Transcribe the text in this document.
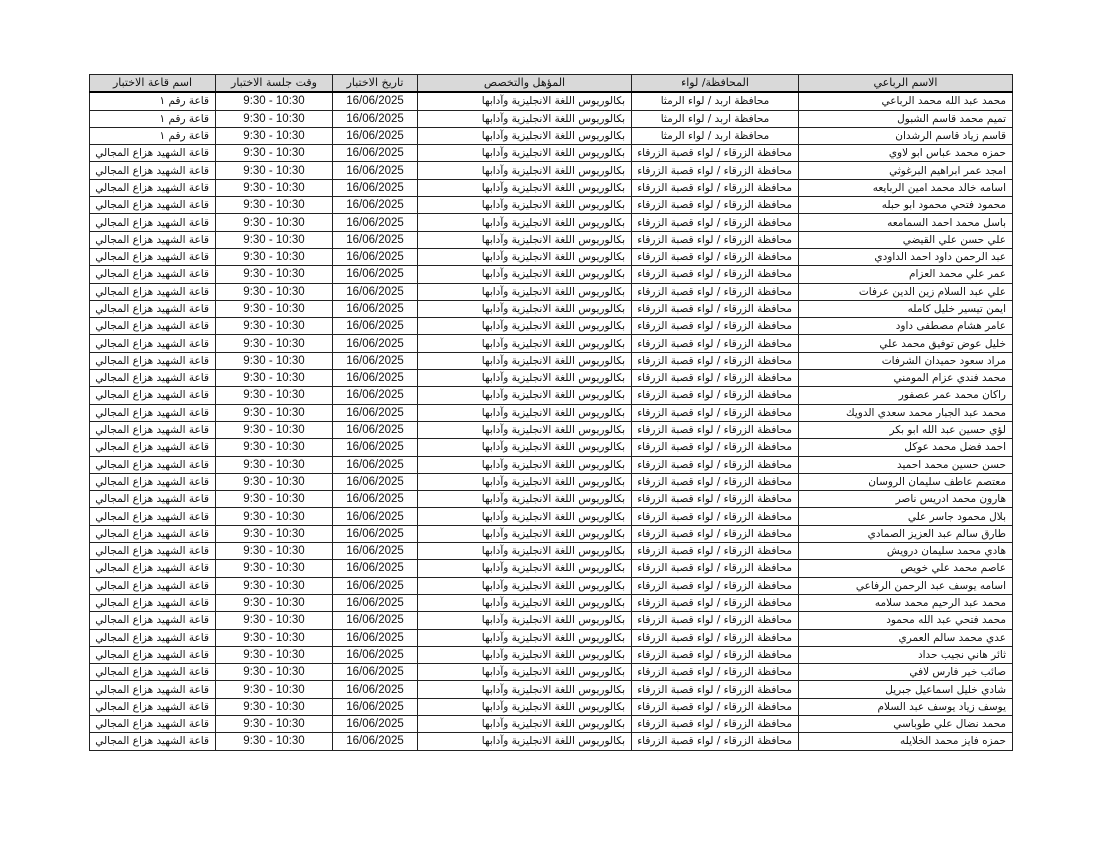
الاسم الرباعي	المحافظة/ لواء	المؤهل والتخصص	تاريخ الاختبار	وقت جلسة الاختبار	اسم قاعة الاختبار
محمد عبد الله محمد الرباعي	محافظة اربد / لواء الرمثا	بكالوريوس اللغة الانجليزية وآدابها	16/06/2025	9:30 - 10:30	قاعة رقم ١
تميم محمد قاسم الشبول	محافظة اربد / لواء الرمثا	بكالوريوس اللغة الانجليزية وآدابها	16/06/2025	9:30 - 10:30	قاعة رقم ١
قاسم زياد قاسم الرشدان	محافظة اربد / لواء الرمثا	بكالوريوس اللغة الانجليزية وآدابها	16/06/2025	9:30 - 10:30	قاعة رقم ١
حمزه محمد عباس ابو لاوي	محافظة الزرقاء / لواء قصبة الزرقاء	بكالوريوس اللغة الانجليزية وآدابها	16/06/2025	9:30 - 10:30	قاعة الشهيد هزاع المجالي
امجد عمر ابراهيم البرغوثي	محافظة الزرقاء / لواء قصبة الزرقاء	بكالوريوس اللغة الانجليزية وآدابها	16/06/2025	9:30 - 10:30	قاعة الشهيد هزاع المجالي
اسامه خالد محمد امين الربايعه	محافظة الزرقاء / لواء قصبة الزرقاء	بكالوريوس اللغة الانجليزية وآدابها	16/06/2025	9:30 - 10:30	قاعة الشهيد هزاع المجالي
محمود فتحي محمود ابو حبله	محافظة الزرقاء / لواء قصبة الزرقاء	بكالوريوس اللغة الانجليزية وآدابها	16/06/2025	9:30 - 10:30	قاعة الشهيد هزاع المجالي
باسل محمد احمد السمامعه	محافظة الزرقاء / لواء قصبة الزرقاء	بكالوريوس اللغة الانجليزية وآدابها	16/06/2025	9:30 - 10:30	قاعة الشهيد هزاع المجالي
علي حسن علي القيضي	محافظة الزرقاء / لواء قصبة الزرقاء	بكالوريوس اللغة الانجليزية وآدابها	16/06/2025	9:30 - 10:30	قاعة الشهيد هزاع المجالي
عبد الرحمن داود احمد الداودي	محافظة الزرقاء / لواء قصبة الزرقاء	بكالوريوس اللغة الانجليزية وآدابها	16/06/2025	9:30 - 10:30	قاعة الشهيد هزاع المجالي
عمر علي محمد العزام	محافظة الزرقاء / لواء قصبة الزرقاء	بكالوريوس اللغة الانجليزية وآدابها	16/06/2025	9:30 - 10:30	قاعة الشهيد هزاع المجالي
علي عبد السلام زين الدين عرفات	محافظة الزرقاء / لواء قصبة الزرقاء	بكالوريوس اللغة الانجليزية وآدابها	16/06/2025	9:30 - 10:30	قاعة الشهيد هزاع المجالي
ايمن تيسير خليل كامله	محافظة الزرقاء / لواء قصبة الزرقاء	بكالوريوس اللغة الانجليزية وآدابها	16/06/2025	9:30 - 10:30	قاعة الشهيد هزاع المجالي
عامر هشام مصطفى داود	محافظة الزرقاء / لواء قصبة الزرقاء	بكالوريوس اللغة الانجليزية وآدابها	16/06/2025	9:30 - 10:30	قاعة الشهيد هزاع المجالي
خليل عوض توفيق محمد علي	محافظة الزرقاء / لواء قصبة الزرقاء	بكالوريوس اللغة الانجليزية وآدابها	16/06/2025	9:30 - 10:30	قاعة الشهيد هزاع المجالي
مراد سعود حميدان الشرفات	محافظة الزرقاء / لواء قصبة الزرقاء	بكالوريوس اللغة الانجليزية وآدابها	16/06/2025	9:30 - 10:30	قاعة الشهيد هزاع المجالي
محمد فندي عزام المومني	محافظة الزرقاء / لواء قصبة الزرقاء	بكالوريوس اللغة الانجليزية وآدابها	16/06/2025	9:30 - 10:30	قاعة الشهيد هزاع المجالي
راكان محمد عمر عصفور	محافظة الزرقاء / لواء قصبة الزرقاء	بكالوريوس اللغة الانجليزية وآدابها	16/06/2025	9:30 - 10:30	قاعة الشهيد هزاع المجالي
محمد عبد الجبار محمد سعدي الدويك	محافظة الزرقاء / لواء قصبة الزرقاء	بكالوريوس اللغة الانجليزية وآدابها	16/06/2025	9:30 - 10:30	قاعة الشهيد هزاع المجالي
لؤي حسين عبد الله ابو بكر	محافظة الزرقاء / لواء قصبة الزرقاء	بكالوريوس اللغة الانجليزية وآدابها	16/06/2025	9:30 - 10:30	قاعة الشهيد هزاع المجالي
احمد فضل محمد عوكل	محافظة الزرقاء / لواء قصبة الزرقاء	بكالوريوس اللغة الانجليزية وآدابها	16/06/2025	9:30 - 10:30	قاعة الشهيد هزاع المجالي
حسن حسين محمد احميد	محافظة الزرقاء / لواء قصبة الزرقاء	بكالوريوس اللغة الانجليزية وآدابها	16/06/2025	9:30 - 10:30	قاعة الشهيد هزاع المجالي
معتصم عاطف سليمان الروسان	محافظة الزرقاء / لواء قصبة الزرقاء	بكالوريوس اللغة الانجليزية وآدابها	16/06/2025	9:30 - 10:30	قاعة الشهيد هزاع المجالي
هارون محمد ادريس ناصر	محافظة الزرقاء / لواء قصبة الزرقاء	بكالوريوس اللغة الانجليزية وآدابها	16/06/2025	9:30 - 10:30	قاعة الشهيد هزاع المجالي
بلال محمود جاسر علي	محافظة الزرقاء / لواء قصبة الزرقاء	بكالوريوس اللغة الانجليزية وآدابها	16/06/2025	9:30 - 10:30	قاعة الشهيد هزاع المجالي
طارق سالم عبد العزيز الصمادي	محافظة الزرقاء / لواء قصبة الزرقاء	بكالوريوس اللغة الانجليزية وآدابها	16/06/2025	9:30 - 10:30	قاعة الشهيد هزاع المجالي
هادي محمد سليمان درويش	محافظة الزرقاء / لواء قصبة الزرقاء	بكالوريوس اللغة الانجليزية وآدابها	16/06/2025	9:30 - 10:30	قاعة الشهيد هزاع المجالي
عاصم محمد علي خويص	محافظة الزرقاء / لواء قصبة الزرقاء	بكالوريوس اللغة الانجليزية وآدابها	16/06/2025	9:30 - 10:30	قاعة الشهيد هزاع المجالي
اسامه يوسف عبد الرحمن الرفاعي	محافظة الزرقاء / لواء قصبة الزرقاء	بكالوريوس اللغة الانجليزية وآدابها	16/06/2025	9:30 - 10:30	قاعة الشهيد هزاع المجالي
محمد عبد الرحيم محمد سلامه	محافظة الزرقاء / لواء قصبة الزرقاء	بكالوريوس اللغة الانجليزية وآدابها	16/06/2025	9:30 - 10:30	قاعة الشهيد هزاع المجالي
محمد فتحي عبد الله محمود	محافظة الزرقاء / لواء قصبة الزرقاء	بكالوريوس اللغة الانجليزية وآدابها	16/06/2025	9:30 - 10:30	قاعة الشهيد هزاع المجالي
عدي محمد سالم العمري	محافظة الزرقاء / لواء قصبة الزرقاء	بكالوريوس اللغة الانجليزية وآدابها	16/06/2025	9:30 - 10:30	قاعة الشهيد هزاع المجالي
ثائر هاني نجيب حداد	محافظة الزرقاء / لواء قصبة الزرقاء	بكالوريوس اللغة الانجليزية وآدابها	16/06/2025	9:30 - 10:30	قاعة الشهيد هزاع المجالي
صائب خير فارس لافي	محافظة الزرقاء / لواء قصبة الزرقاء	بكالوريوس اللغة الانجليزية وآدابها	16/06/2025	9:30 - 10:30	قاعة الشهيد هزاع المجالي
شادي خليل اسماعيل جبريل	محافظة الزرقاء / لواء قصبة الزرقاء	بكالوريوس اللغة الانجليزية وآدابها	16/06/2025	9:30 - 10:30	قاعة الشهيد هزاع المجالي
يوسف زياد يوسف عبد السلام	محافظة الزرقاء / لواء قصبة الزرقاء	بكالوريوس اللغة الانجليزية وآدابها	16/06/2025	9:30 - 10:30	قاعة الشهيد هزاع المجالي
محمد نضال علي طوباسي	محافظة الزرقاء / لواء قصبة الزرقاء	بكالوريوس اللغة الانجليزية وآدابها	16/06/2025	9:30 - 10:30	قاعة الشهيد هزاع المجالي
حمزه فايز محمد الخلايله	محافظة الزرقاء / لواء قصبة الزرقاء	بكالوريوس اللغة الانجليزية وآدابها	16/06/2025	9:30 - 10:30	قاعة الشهيد هزاع المجالي
